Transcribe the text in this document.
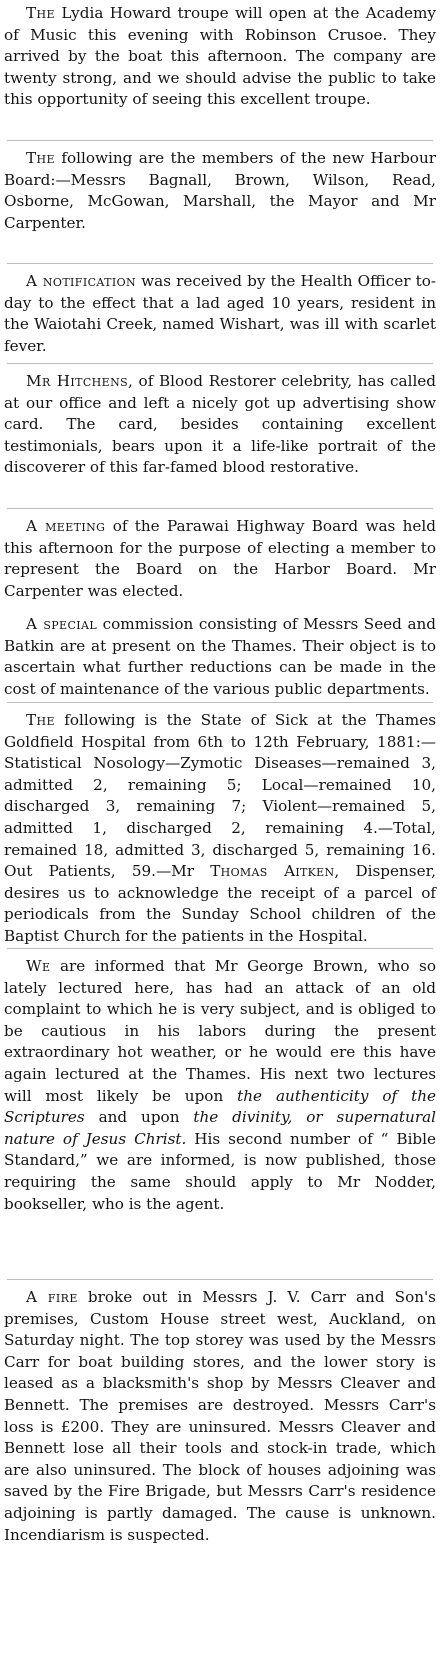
The Lydia Howard troupe will open at the Academy of Music this evening with Robinson Crusoe. They arrived by the boat this afternoon. The company are twenty strong, and we should advise the public to take this opportunity of seeing this excellent troupe.

The following are the members of the new Harbour Board:—Messrs Bagnall, Brown, Wilson, Read, Osborne, McGowan, Marshall, the Mayor and Mr Carpenter.

A notification was received by the Health Officer to-day to the effect that a lad aged 10 years, resident in the Waiotahi Creek, named Wishart, was ill with scarlet fever.

Mr Hitchens, of Blood Restorer celebrity, has called at our office and left a nicely got up advertising show card. The card, besides containing excellent testimonials, bears upon it a life-like portrait of the discoverer of this far-famed blood restorative.

A meeting of the Parawai Highway Board was held this afternoon for the purpose of electing a member to represent the Board on the Harbor Board. Mr Carpenter was elected.

A special commission consisting of Messrs Seed and Batkin are at present on the Thames. Their object is to ascertain what further reductions can be made in the cost of maintenance of the various public departments.

The following is the State of Sick at the Thames Goldfield Hospital from 6th to 12th February, 1881:—Statistical Nosology—Zymotic Diseases—remained 3, admitted 2, remaining 5; Local—remained 10, discharged 3, remaining 7; Violent—remained 5, admitted 1, discharged 2, remaining 4.—Total, remained 18, admitted 3, discharged 5, remaining 16. Out Patients, 59.—Mr Thomas Aitken, Dispenser, desires us to acknowledge the receipt of a parcel of periodicals from the Sunday School children of the Baptist Church for the patients in the Hospital.

We are informed that Mr George Brown, who so lately lectured here, has had an attack of an old complaint to which he is very subject, and is obliged to be cautious in his labors during the present extraordinary hot weather, or he would ere this have again lectured at the Thames. His next two lectures will most likely be upon the authenticity of the Scriptures and upon the divinity, or supernatural nature of Jesus Christ. His second number of “ Bible Standard,” we are informed, is now published, those requiring the same should apply to Mr Nodder, bookseller, who is the agent.

A fire broke out in Messrs J. V. Carr and Son's premises, Custom House street west, Auckland, on Saturday night. The top storey was used by the Messrs Carr for boat building stores, and the lower story is leased as a blacksmith's shop by Messrs Cleaver and Bennett. The premises are destroyed. Messrs Carr's loss is £200. They are uninsured. Messrs Cleaver and Bennett lose all their tools and stock-in trade, which are also uninsured. The block of houses adjoining was saved by the Fire Brigade, but Messrs Carr's residence adjoining is partly damaged. The cause is unknown. Incendiarism is suspected.
